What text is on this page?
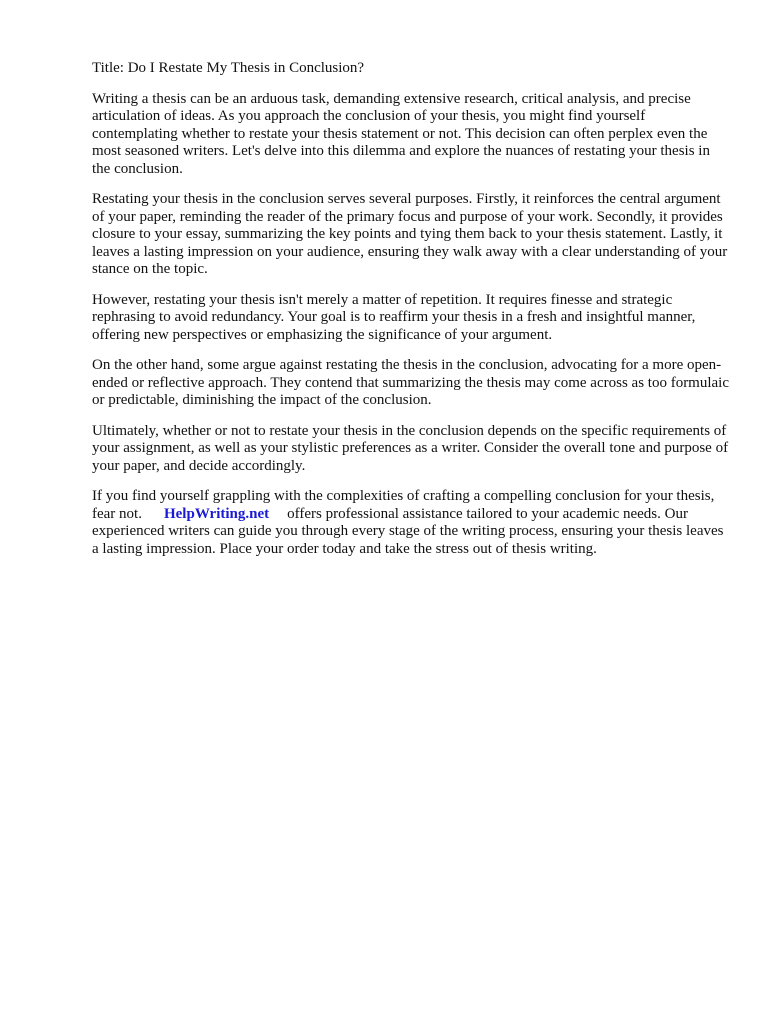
Title: Do I Restate My Thesis in Conclusion?

Writing a thesis can be an arduous task, demanding extensive research, critical analysis, and precise articulation of ideas. As you approach the conclusion of your thesis, you might find yourself contemplating whether to restate your thesis statement or not. This decision can often perplex even the most seasoned writers. Let's delve into this dilemma and explore the nuances of restating your thesis in the conclusion.

Restating your thesis in the conclusion serves several purposes. Firstly, it reinforces the central argument of your paper, reminding the reader of the primary focus and purpose of your work. Secondly, it provides closure to your essay, summarizing the key points and tying them back to your thesis statement. Lastly, it leaves a lasting impression on your audience, ensuring they walk away with a clear understanding of your stance on the topic.

However, restating your thesis isn't merely a matter of repetition. It requires finesse and strategic rephrasing to avoid redundancy. Your goal is to reaffirm your thesis in a fresh and insightful manner, offering new perspectives or emphasizing the significance of your argument.

On the other hand, some argue against restating the thesis in the conclusion, advocating for a more open-ended or reflective approach. They contend that summarizing the thesis may come across as too formulaic or predictable, diminishing the impact of the conclusion.

Ultimately, whether or not to restate your thesis in the conclusion depends on the specific requirements of your assignment, as well as your stylistic preferences as a writer. Consider the overall tone and purpose of your paper, and decide accordingly.

If you find yourself grappling with the complexities of crafting a compelling conclusion for your thesis, fear not. HelpWriting.net offers professional assistance tailored to your academic needs. Our experienced writers can guide you through every stage of the writing process, ensuring your thesis leaves a lasting impression. Place your order today and take the stress out of thesis writing.
